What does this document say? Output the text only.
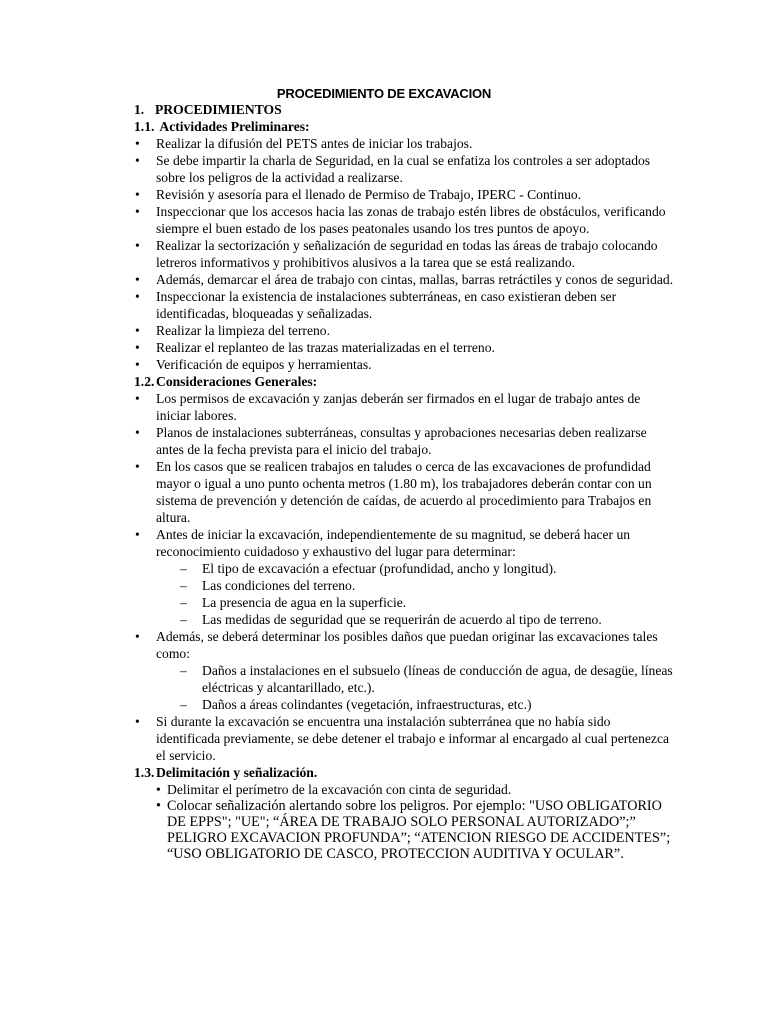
PROCEDIMIENTO DE EXCAVACION
1. PROCEDIMIENTOS
1.1. Actividades Preliminares:
• Realizar la difusión del PETS antes de iniciar los trabajos.
• Se debe impartir la charla de Seguridad, en la cual se enfatiza los controles a ser adoptados sobre los peligros de la actividad a realizarse.
• Revisión y asesoría para el llenado de Permiso de Trabajo, IPERC - Continuo.
• Inspeccionar que los accesos hacia las zonas de trabajo estén libres de obstáculos, verificando siempre el buen estado de los pases peatonales usando los tres puntos de apoyo.
• Realizar la sectorización y señalización de seguridad en todas las áreas de trabajo colocando letreros informativos y prohibitivos alusivos a la tarea que se está realizando.
• Además, demarcar el área de trabajo con cintas, mallas, barras retráctiles y conos de seguridad.
• Inspeccionar la existencia de instalaciones subterráneas, en caso existieran deben ser identificadas, bloqueadas y señalizadas.
• Realizar la limpieza del terreno.
• Realizar el replanteo de las trazas materializadas en el terreno.
• Verificación de equipos y herramientas.
1.2. Consideraciones Generales:
• Los permisos de excavación y zanjas deberán ser firmados en el lugar de trabajo antes de iniciar labores.
• Planos de instalaciones subterráneas, consultas y aprobaciones necesarias deben realizarse antes de la fecha prevista para el inicio del trabajo.
• En los casos que se realicen trabajos en taludes o cerca de las excavaciones de profundidad mayor o igual a uno punto ochenta metros (1.80 m), los trabajadores deberán contar con un sistema de prevención y detención de caídas, de acuerdo al procedimiento para Trabajos en altura.
• Antes de iniciar la excavación, independientemente de su magnitud, se deberá hacer un reconocimiento cuidadoso y exhaustivo del lugar para determinar:
– El tipo de excavación a efectuar (profundidad, ancho y longitud).
– Las condiciones del terreno.
– La presencia de agua en la superficie.
– Las medidas de seguridad que se requerirán de acuerdo al tipo de terreno.
• Además, se deberá determinar los posibles daños que puedan originar las excavaciones tales como:
– Daños a instalaciones en el subsuelo (líneas de conducción de agua, de desagüe, líneas eléctricas y alcantarillado, etc.).
– Daños a áreas colindantes (vegetación, infraestructuras, etc.)
• Si durante la excavación se encuentra una instalación subterránea que no había sido identificada previamente, se debe detener el trabajo e informar al encargado al cual pertenezca el servicio.
1.3. Delimitación y señalización.
• Delimitar el perímetro de la excavación con cinta de seguridad.
• Colocar señalización alertando sobre los peligros. Por ejemplo: "USO OBLIGATORIO DE EPPS"; "UE"; “ÁREA DE TRABAJO SOLO PERSONAL AUTORIZADO”;” PELIGRO EXCAVACION PROFUNDA”; “ATENCION RIESGO DE ACCIDENTES”; “USO OBLIGATORIO DE CASCO, PROTECCION AUDITIVA Y OCULAR”.
